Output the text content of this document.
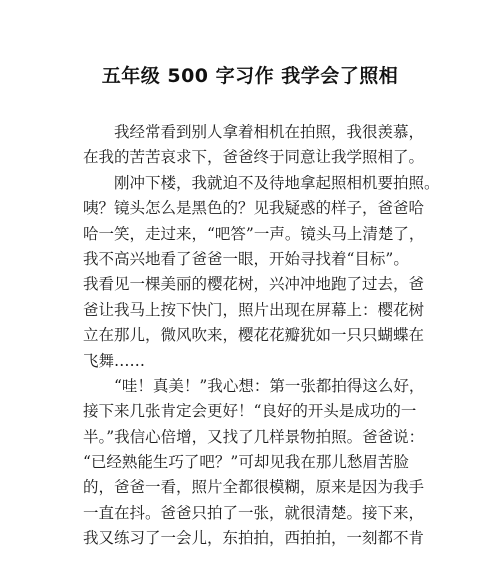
五年级 500 字习作 我学会了照相
　　我经常看到别人拿着相机在拍照，我很羡慕，
在我的苦苦哀求下，爸爸终于同意让我学照相了。
　　刚冲下楼，我就迫不及待地拿起照相机要拍照。
咦？镜头怎么是黑色的？见我疑惑的样子，爸爸哈
哈一笑，走过来，“吧答”一声。镜头马上清楚了，
我不高兴地看了爸爸一眼，开始寻找着“目标”。
我看见一棵美丽的樱花树，兴冲冲地跑了过去，爸
爸让我马上按下快门，照片出现在屏幕上：樱花树
立在那儿，微风吹来，樱花花瓣犹如一只只蝴蝶在
飞舞……
　　“哇！真美！”我心想：第一张都拍得这么好，
接下来几张肯定会更好！“良好的开头是成功的一
半。”我信心倍增，又找了几样景物拍照。爸爸说：
“已经熟能生巧了吧？”可却见我在那儿愁眉苦脸
的，爸爸一看，照片全都很模糊，原来是因为我手
一直在抖。爸爸只拍了一张，就很清楚。接下来，
我又练习了一会儿，东拍拍，西拍拍，一刻都不肯
